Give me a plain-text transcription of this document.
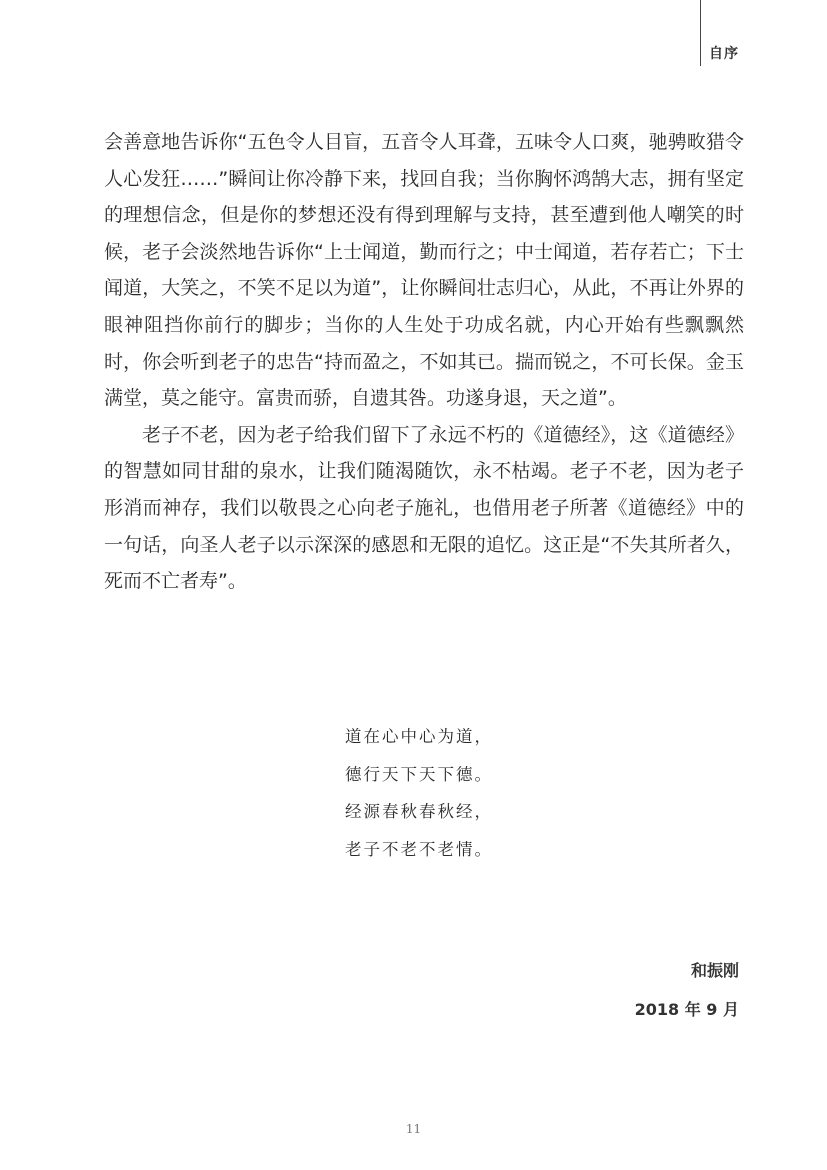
自序

会善意地告诉你“五色令人目盲，五音令人耳聋，五味令人口爽，驰骋畋猎令人心发狂……”瞬间让你冷静下来，找回自我；当你胸怀鸿鹄大志，拥有坚定的理想信念，但是你的梦想还没有得到理解与支持，甚至遭到他人嘲笑的时候，老子会淡然地告诉你“上士闻道，勤而行之；中士闻道，若存若亡；下士闻道，大笑之，不笑不足以为道”，让你瞬间壮志归心，从此，不再让外界的眼神阻挡你前行的脚步；当你的人生处于功成名就，内心开始有些飘飘然时，你会听到老子的忠告“持而盈之，不如其已。揣而锐之，不可长保。金玉满堂，莫之能守。富贵而骄，自遗其咎。功遂身退，天之道”。

老子不老，因为老子给我们留下了永远不朽的《道德经》，这《道德经》的智慧如同甘甜的泉水，让我们随渴随饮，永不枯竭。老子不老，因为老子形消而神存，我们以敬畏之心向老子施礼，也借用老子所著《道德经》中的一句话，向圣人老子以示深深的感恩和无限的追忆。这正是“不失其所者久，死而不亡者寿”。

道在心中心为道，
德行天下天下德。
经源春秋春秋经，
老子不老不老情。
和振刚
2018 年 9 月
11
